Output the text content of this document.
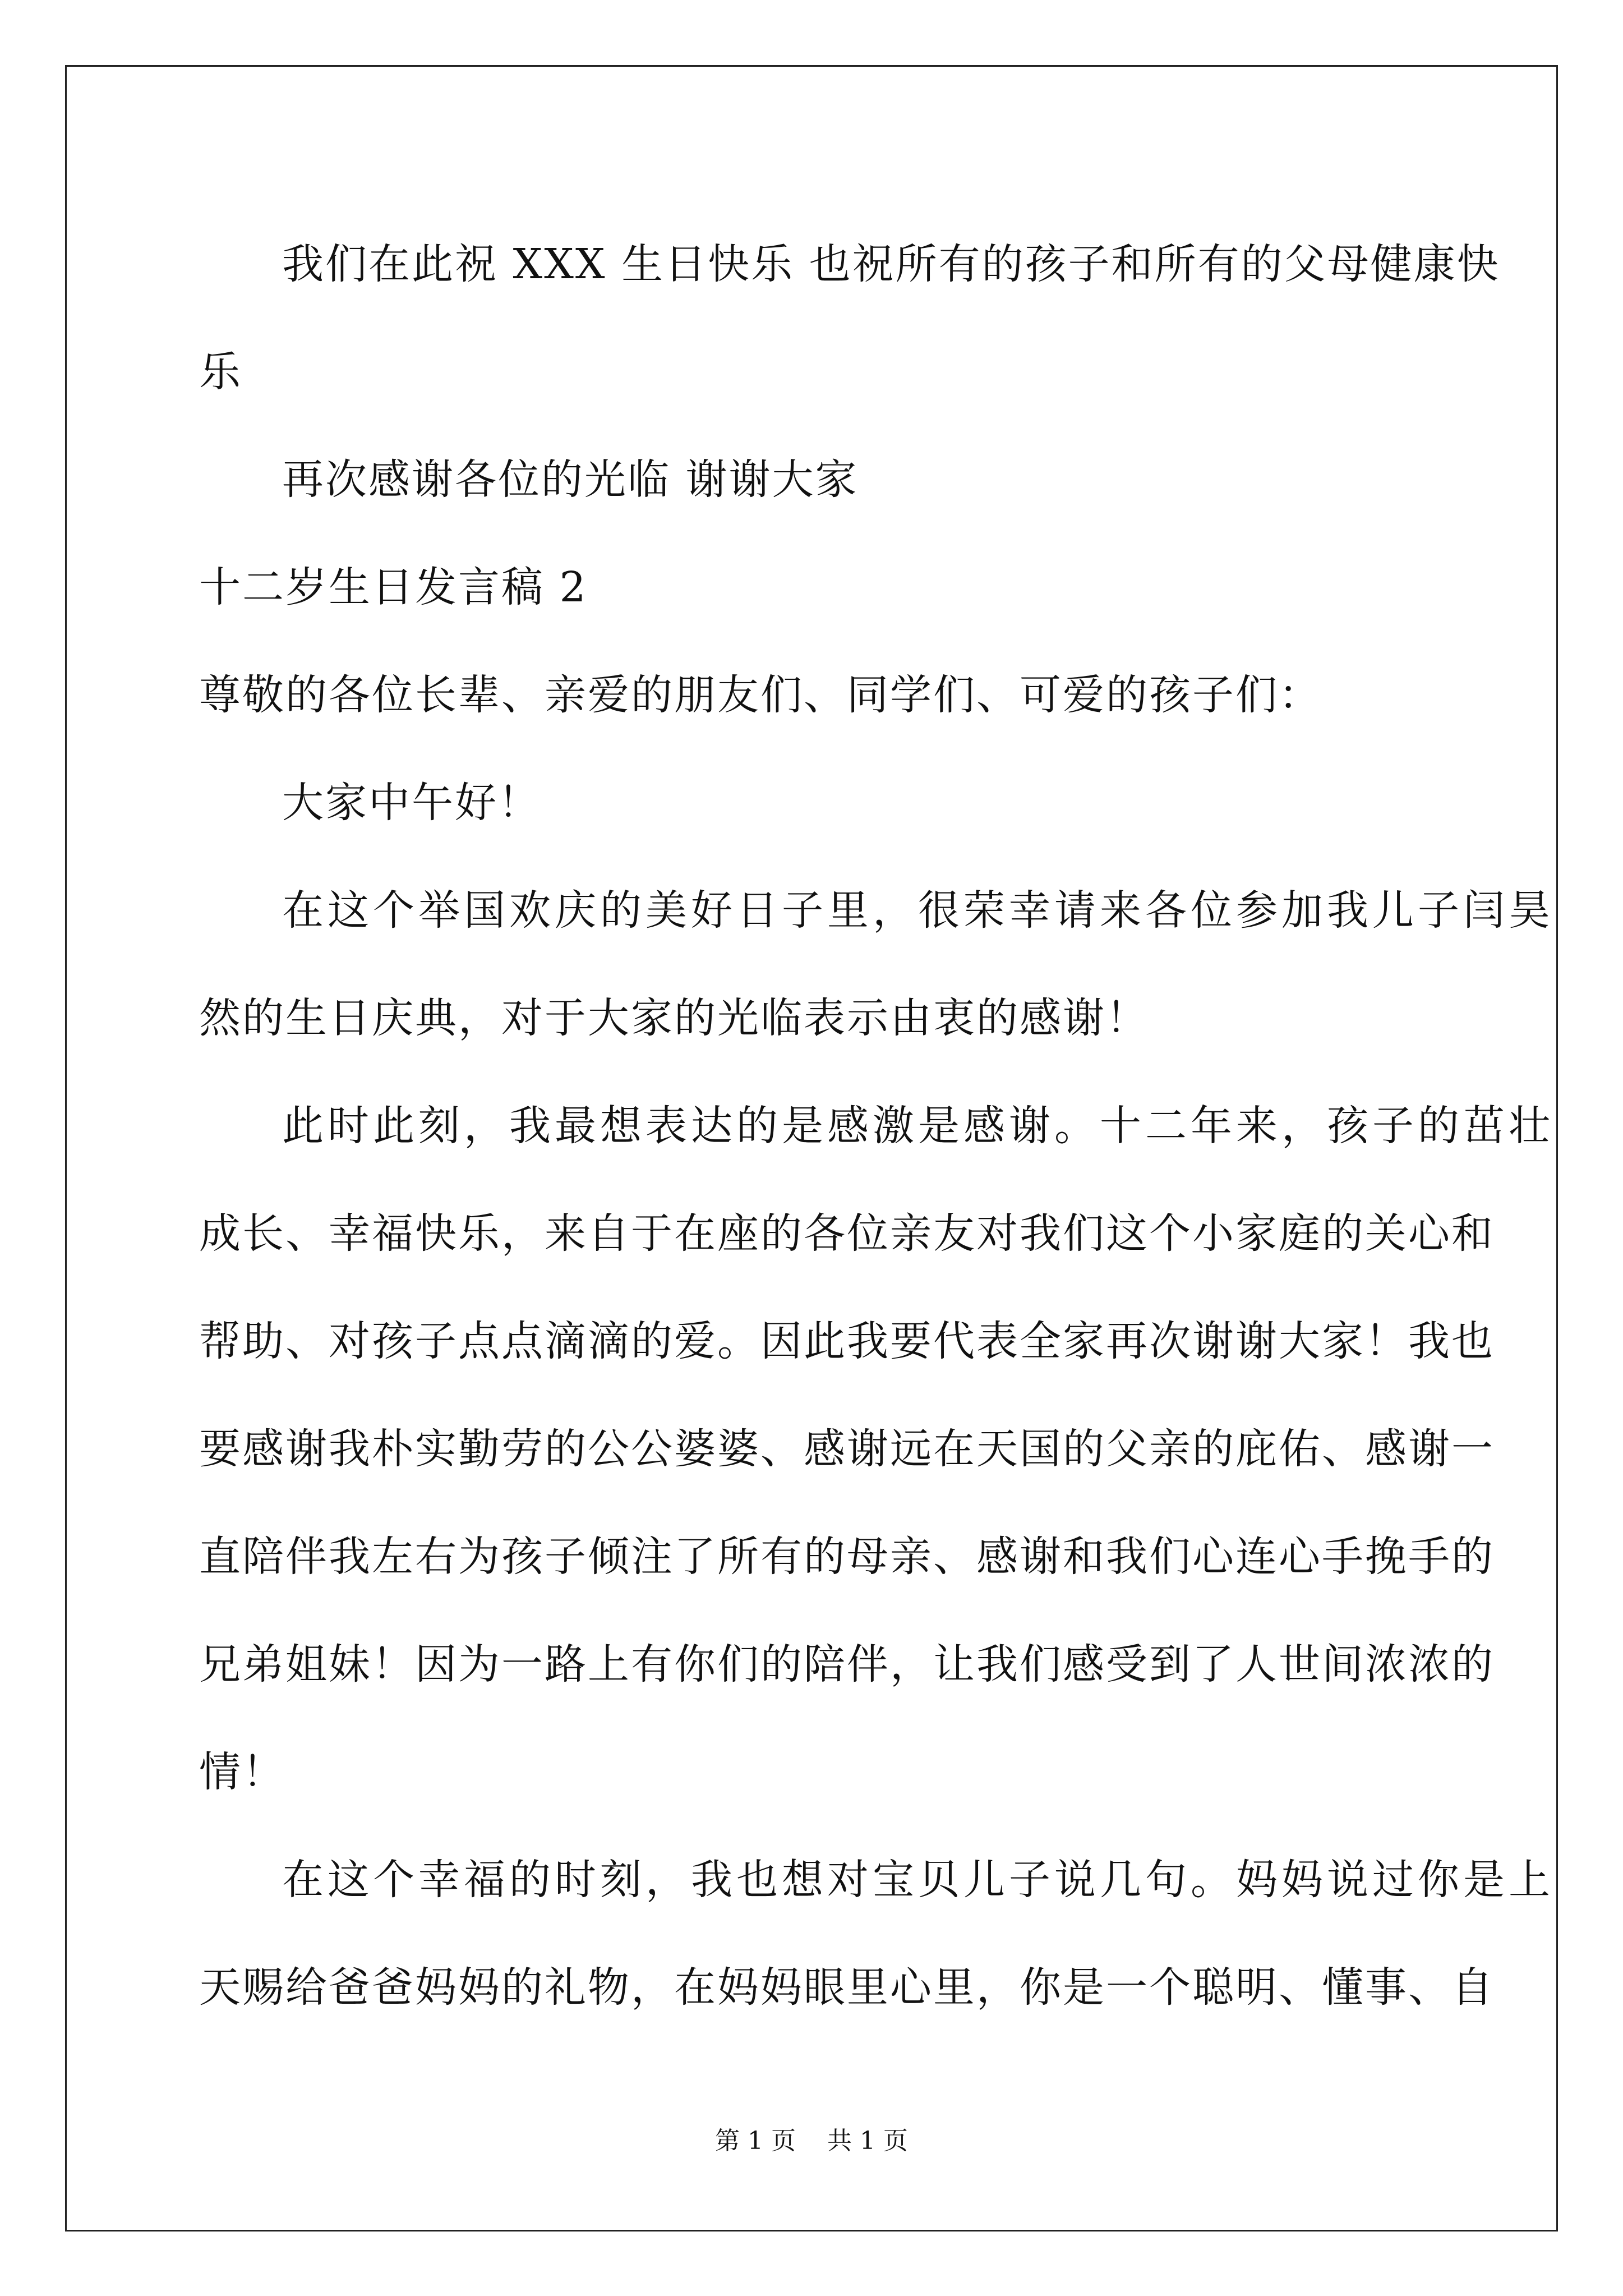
我们在此祝 XXX 生日快乐 也祝所有的孩子和所有的父母健康快
乐
再次感谢各位的光临 谢谢大家
十二岁生日发言稿 2
尊敬的各位长辈、亲爱的朋友们、同学们、可爱的孩子们：
大家中午好！
在这个举国欢庆的美好日子里，很荣幸请来各位参加我儿子闫昊
然的生日庆典，对于大家的光临表示由衷的感谢！
此时此刻，我最想表达的是感激是感谢。十二年来，孩子的茁壮
成长、幸福快乐，来自于在座的各位亲友对我们这个小家庭的关心和
帮助、对孩子点点滴滴的爱。因此我要代表全家再次谢谢大家！我也
要感谢我朴实勤劳的公公婆婆、感谢远在天国的父亲的庇佑、感谢一
直陪伴我左右为孩子倾注了所有的母亲、感谢和我们心连心手挽手的
兄弟姐妹！因为一路上有你们的陪伴，让我们感受到了人世间浓浓的
情！
在这个幸福的时刻，我也想对宝贝儿子说几句。妈妈说过你是上
天赐给爸爸妈妈的礼物，在妈妈眼里心里，你是一个聪明、懂事、自
第 1 页    共 1 页
